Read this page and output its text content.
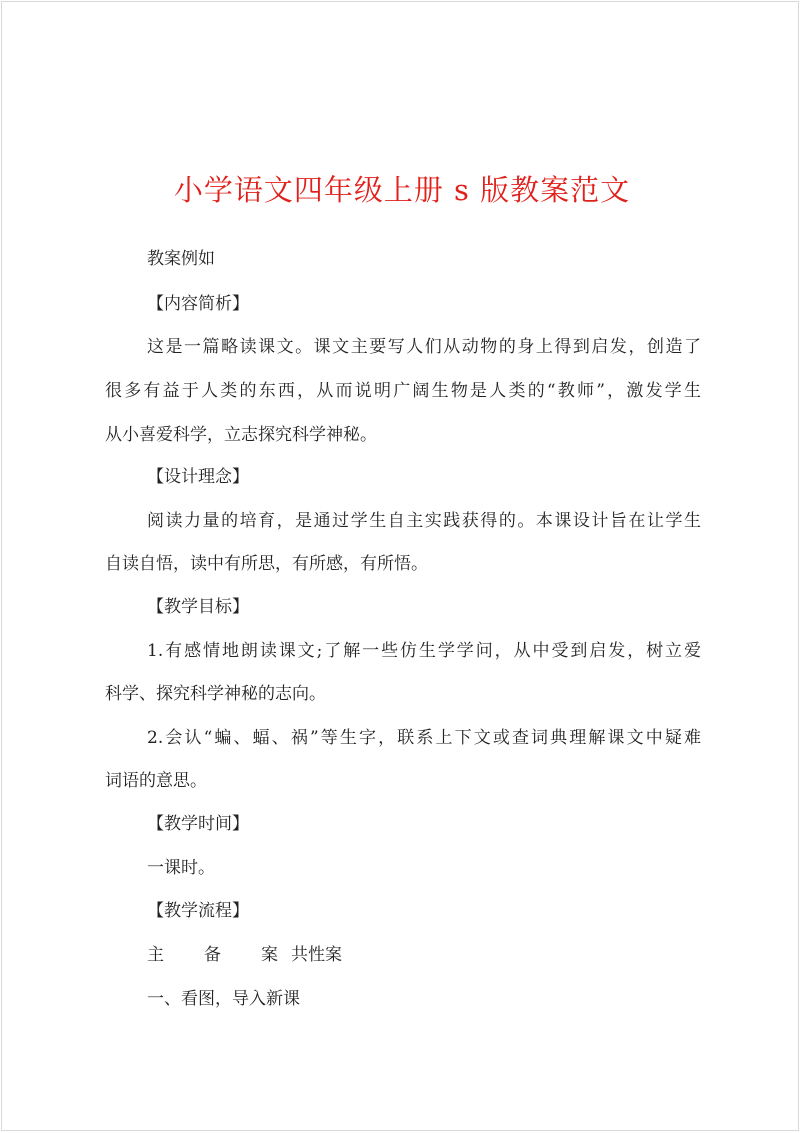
小学语文四年级上册 s 版教案范文
教案例如
【内容简析】
这是一篇略读课文。课文主要写人们从动物的身上得到启发，创造了
很多有益于人类的东西，从而说明广阔生物是人类的“教师”，激发学生
从小喜爱科学，立志探究科学神秘。
【设计理念】
阅读力量的培育，是通过学生自主实践获得的。本课设计旨在让学生
自读自悟，读中有所思，有所感，有所悟。
【教学目标】
1.有感情地朗读课文;了解一些仿生学学问，从中受到启发，树立爱
科学、探究科学神秘的志向。
2.会认“蝙、蝠、祸”等生字，联系上下文或查词典理解课文中疑难
词语的意思。
【教学时间】
一课时。
【教学流程】
主 备 案 共性案
一、看图，导入新课
